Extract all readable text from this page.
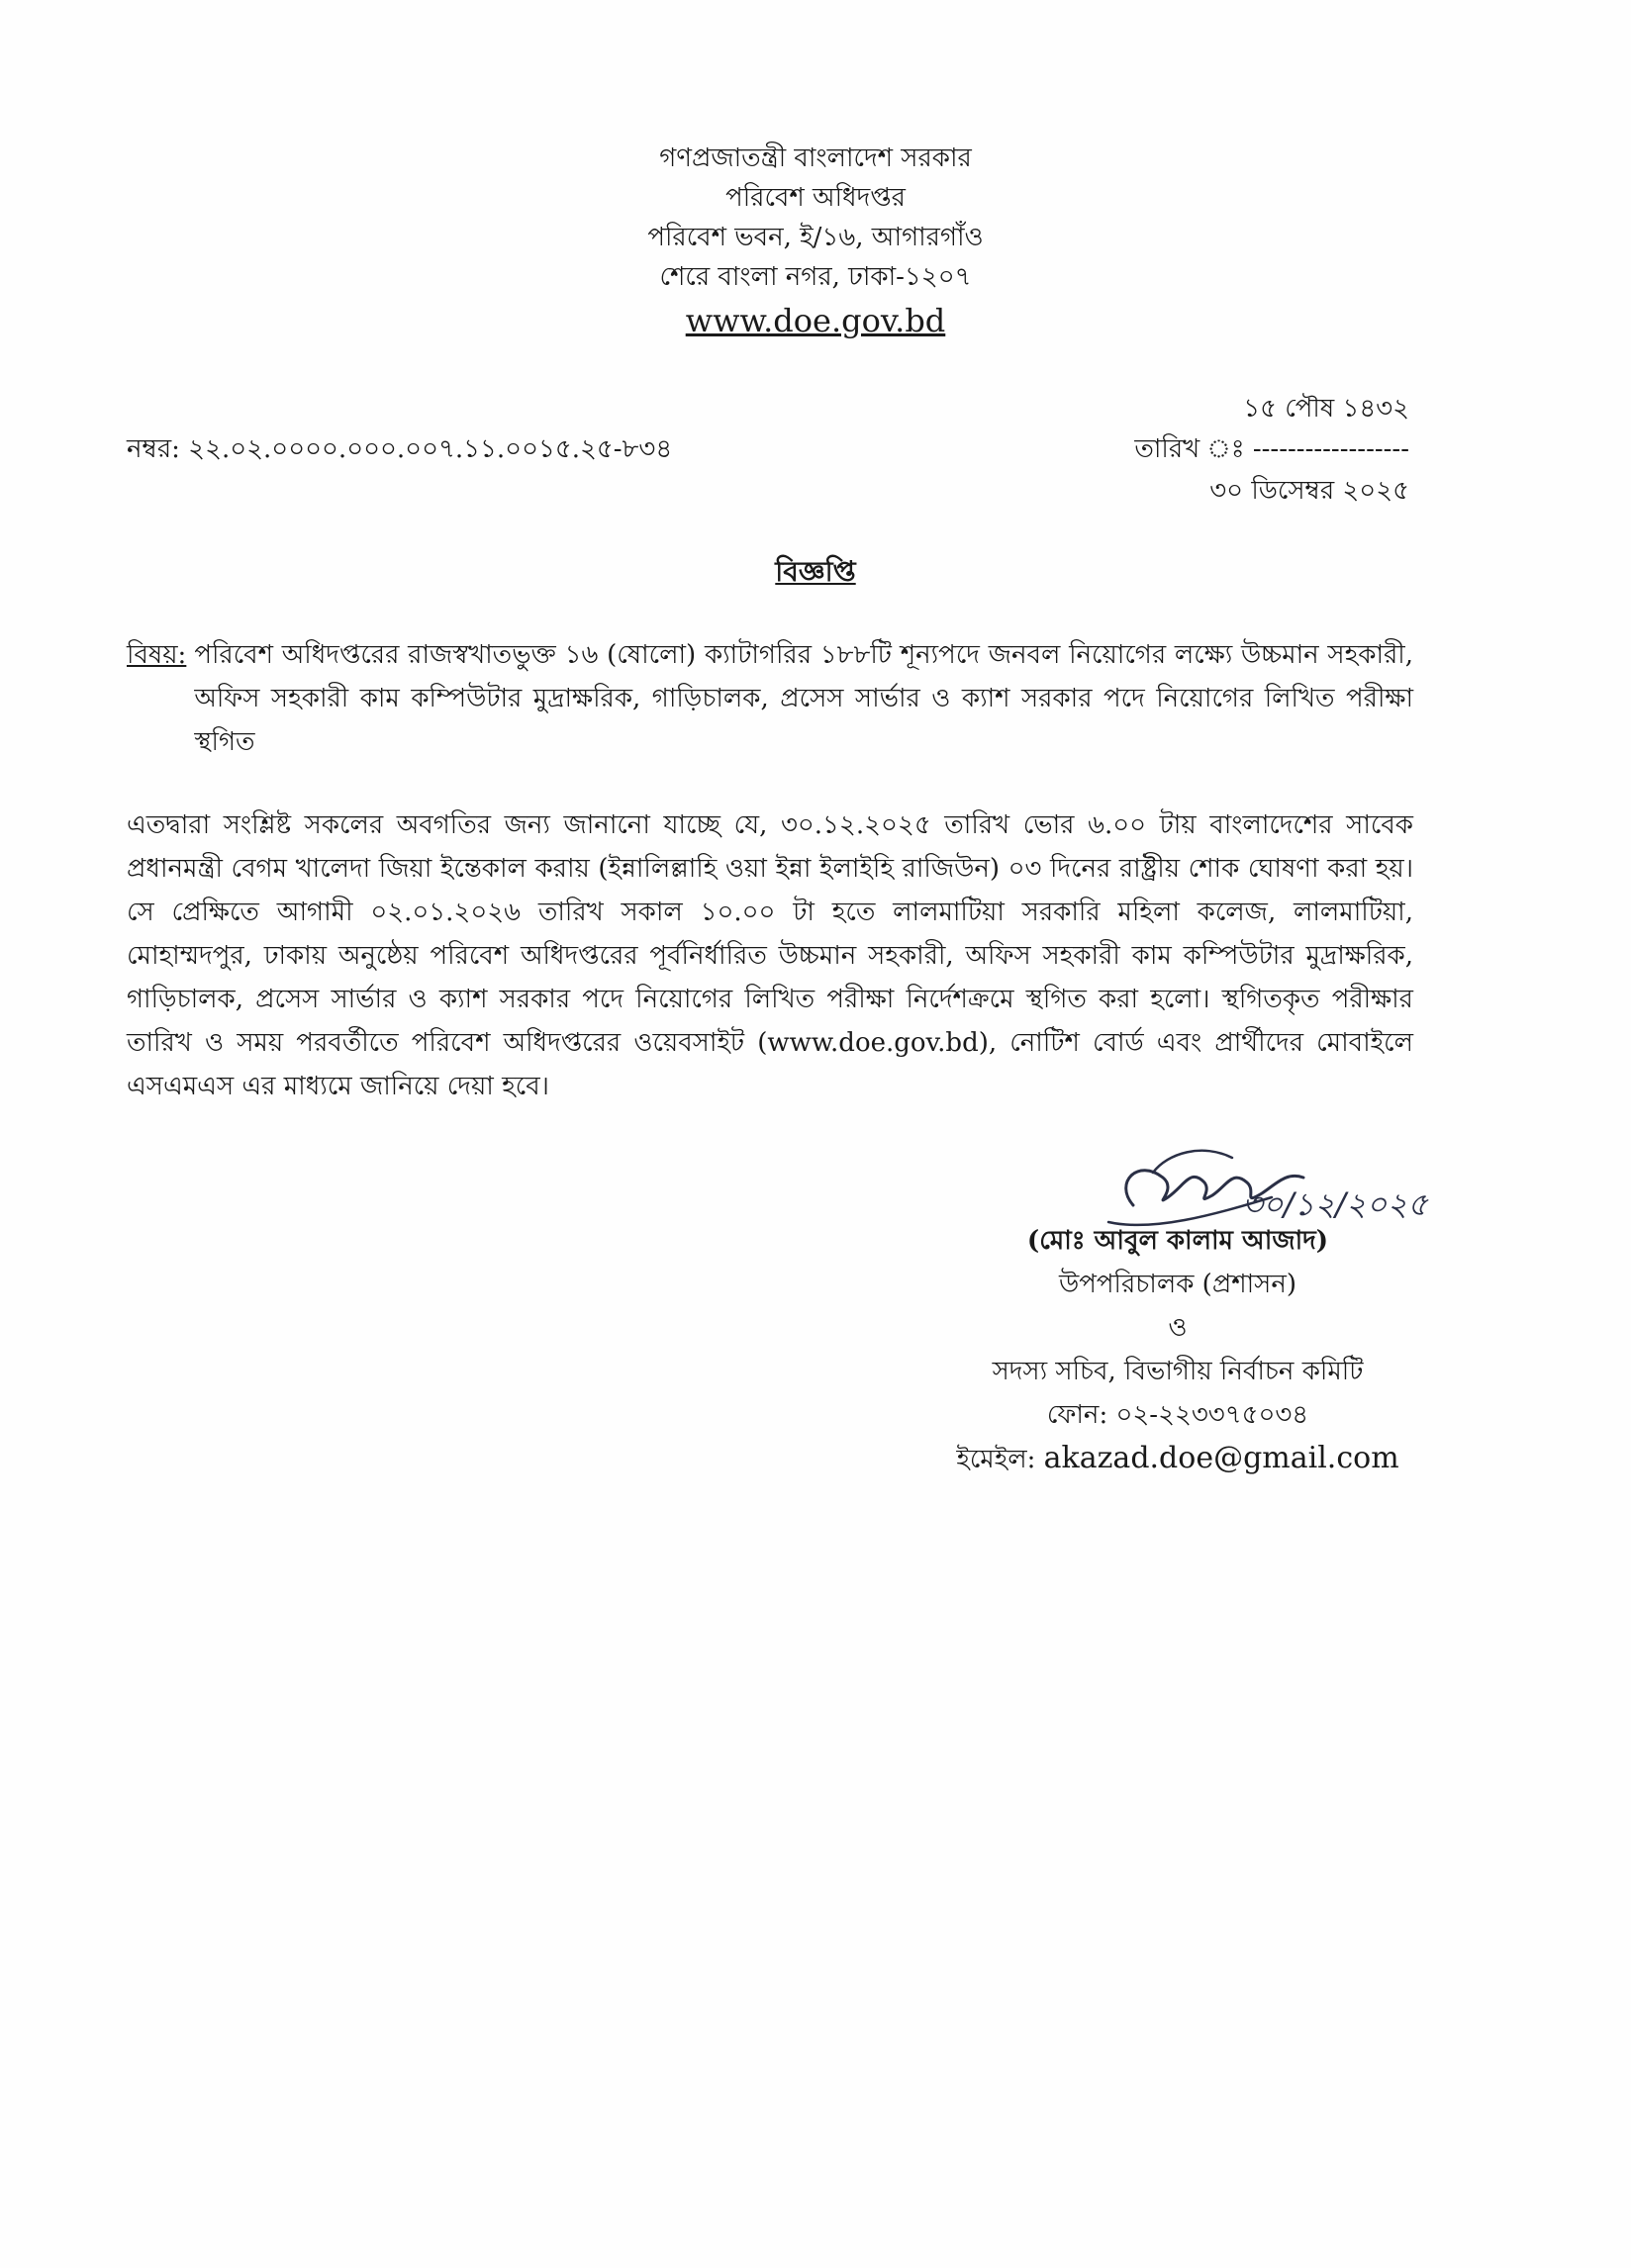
গণপ্রজাতন্ত্রী বাংলাদেশ সরকার
পরিবেশ অধিদপ্তর
পরিবেশ ভবন, ই/১৬, আগারগাঁও
শেরে বাংলা নগর, ঢাকা-১২০৭
www.doe.gov.bd
১৫ পৌষ ১৪৩২
নম্বর: ২২.০২.০০০০.০০০.০০৭.১১.০০১৫.২৫-৮৩৪	তারিখ ঃ ------------------
৩০ ডিসেম্বর ২০২৫
বিজ্ঞপ্তি
বিষয়: পরিবেশ অধিদপ্তরের রাজস্বখাতভুক্ত ১৬ (ষোলো) ক্যাটাগরির ১৮৮টি শূন্যপদে জনবল নিয়োগের লক্ষ্যে উচ্চমান সহকারী, অফিস সহকারী কাম কম্পিউটার মুদ্রাক্ষরিক, গাড়িচালক, প্রসেস সার্ভার ও ক্যাশ সরকার পদে নিয়োগের লিখিত পরীক্ষা স্থগিত
এতদ্বারা সংশ্লিষ্ট সকলের অবগতির জন্য জানানো যাচ্ছে যে, ৩০.১২.২০২৫ তারিখ ভোর ৬.০০ টায় বাংলাদেশের সাবেক প্রধানমন্ত্রী বেগম খালেদা জিয়া ইন্তেকাল করায় (ইন্নালিল্লাহি ওয়া ইন্না ইলাইহি রাজিউন) ০৩ দিনের রাষ্ট্রীয় শোক ঘোষণা করা হয়। সে প্রেক্ষিতে আগামী ০২.০১.২০২৬ তারিখ সকাল ১০.০০ টা হতে লালমাটিয়া সরকারি মহিলা কলেজ, লালমাটিয়া, মোহাম্মদপুর, ঢাকায় অনুষ্ঠেয় পরিবেশ অধিদপ্তরের পূর্বনির্ধারিত উচ্চমান সহকারী, অফিস সহকারী কাম কম্পিউটার মুদ্রাক্ষরিক, গাড়িচালক, প্রসেস সার্ভার ও ক্যাশ সরকার পদে নিয়োগের লিখিত পরীক্ষা নির্দেশক্রমে স্থগিত করা হলো। স্থগিতকৃত পরীক্ষার তারিখ ও সময় পরবর্তীতে পরিবেশ অধিদপ্তরের ওয়েবসাইট (www.doe.gov.bd), নোটিশ বোর্ড এবং প্রার্থীদের মোবাইলে এসএমএস এর মাধ্যমে জানিয়ে দেয়া হবে।
৩০/১২/২০২৫
(মোঃ আবুল কালাম আজাদ)
উপপরিচালক (প্রশাসন)
ও
সদস্য সচিব, বিভাগীয় নির্বাচন কমিটি
ফোন: ০২-২২৩৩৭৫০৩৪
ইমেইল: akazad.doe@gmail.com
